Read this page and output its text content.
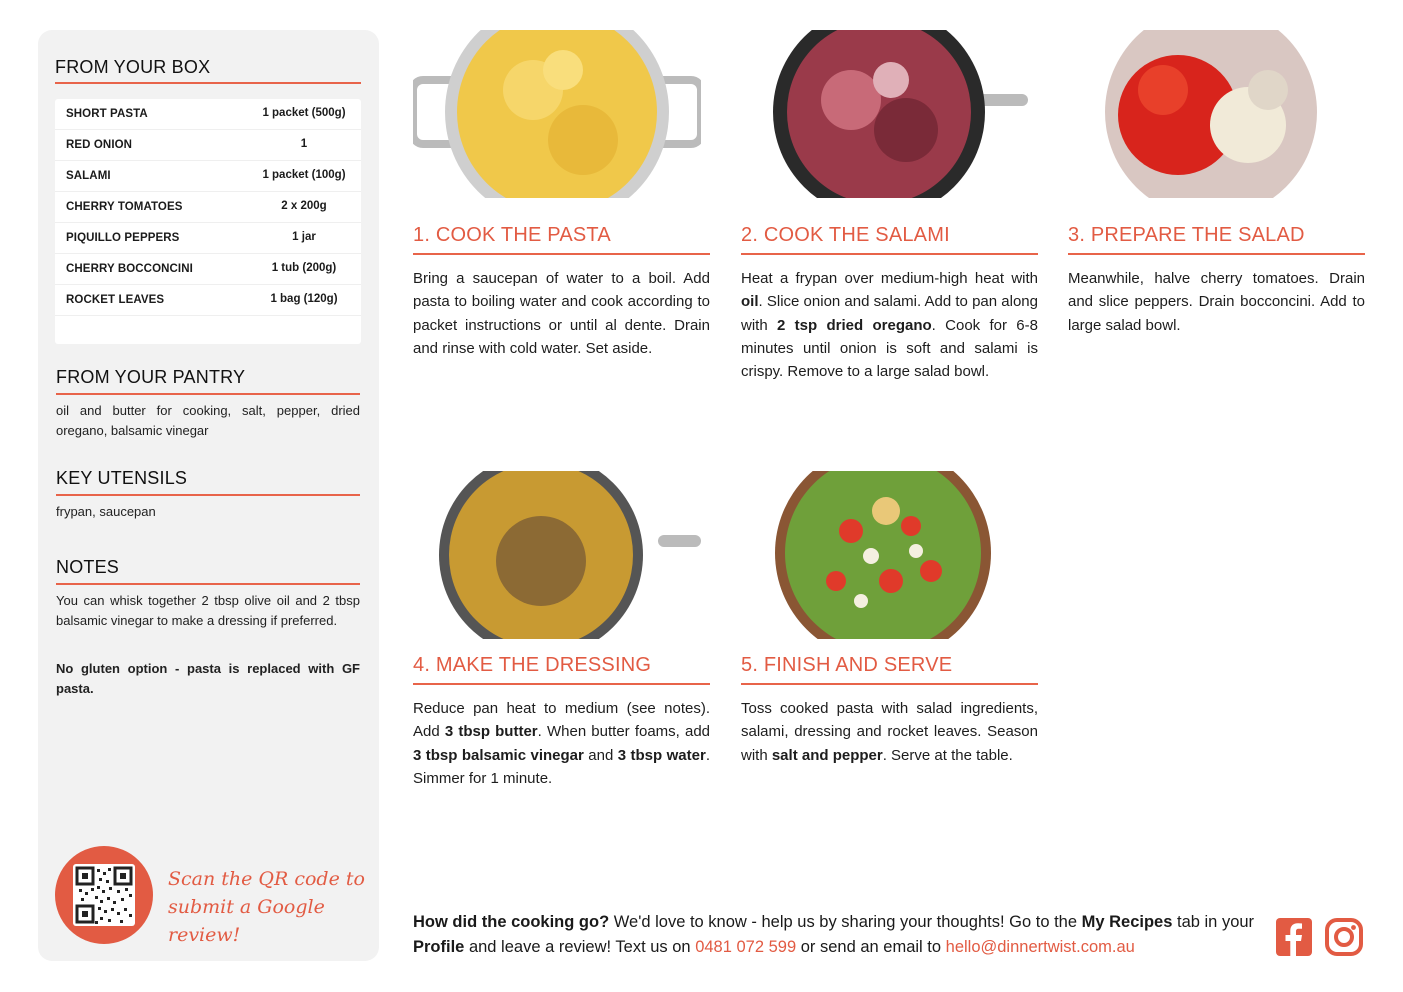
FROM YOUR BOX
SHORT PASTA	1 packet (500g)
RED ONION	1
SALAMI	1 packet (100g)
CHERRY TOMATOES	2 x 200g
PIQUILLO PEPPERS	1 jar
CHERRY BOCCONCINI	1 tub (200g)
ROCKET LEAVES	1 bag (120g)
FROM YOUR PANTRY
oil and butter for cooking, salt, pepper, dried oregano, balsamic vinegar
KEY UTENSILS
frypan, saucepan
NOTES
You can whisk together 2 tbsp olive oil and 2 tbsp balsamic vinegar to make a dressing if preferred.
No gluten option - pasta is replaced with GF pasta.
Scan the QR code to
submit a Google review!
1. COOK THE PASTA
Bring a saucepan of water to a boil. Add pasta to boiling water and cook according to packet instructions or until al dente. Drain and rinse with cold water. Set aside.
2. COOK THE SALAMI
Heat a frypan over medium-high heat with oil. Slice onion and salami. Add to pan along with 2 tsp dried oregano. Cook for 6-8 minutes until onion is soft and salami is crispy. Remove to a large salad bowl.
3. PREPARE THE SALAD
Meanwhile, halve cherry tomatoes. Drain and slice peppers. Drain bocconcini. Add to large salad bowl.
4. MAKE THE DRESSING
Reduce pan heat to medium (see notes). Add 3 tbsp butter. When butter foams, add 3 tbsp balsamic vinegar and 3 tbsp water. Simmer for 1 minute.
5. FINISH AND SERVE
Toss cooked pasta with salad ingredients, salami, dressing and rocket leaves. Season with salt and pepper. Serve at the table.
How did the cooking go? We'd love to know - help us by sharing your thoughts! Go to the My Recipes tab in your Profile and leave a review! Text us on 0481 072 599 or send an email to hello@dinnertwist.com.au
